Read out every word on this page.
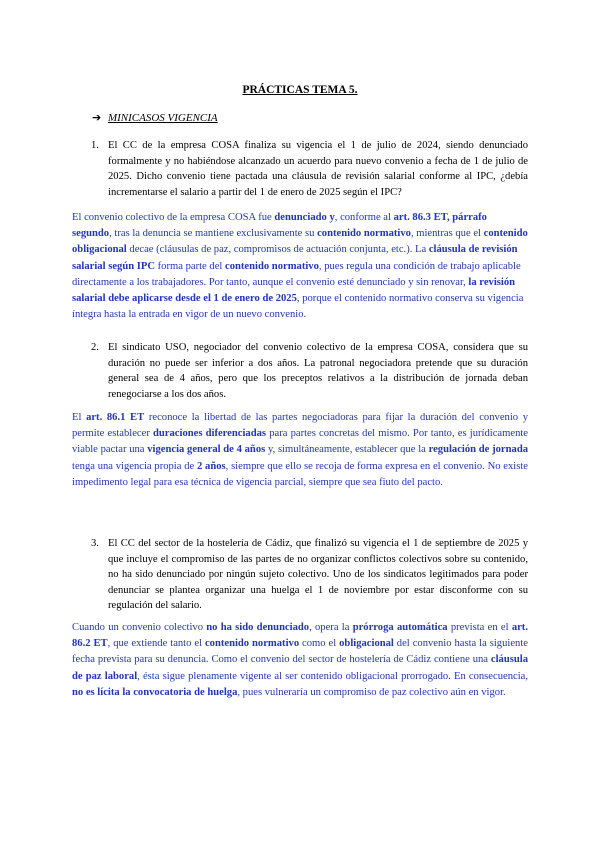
PRÁCTICAS TEMA 5.
➔ MINICASOS VIGENCIA
1. El CC de la empresa COSA finaliza su vigencia el 1 de julio de 2024, siendo denunciado formalmente y no habiéndose alcanzado un acuerdo para nuevo convenio a fecha de 1 de julio de 2025. Dicho convenio tiene pactada una cláusula de revisión salarial conforme al IPC, ¿debía incrementarse el salario a partir del 1 de enero de 2025 según el IPC?

El convenio colectivo de la empresa COSA fue denunciado y, conforme al art. 86.3 ET, párrafo segundo, tras la denuncia se mantiene exclusivamente su contenido normativo, mientras que el contenido obligacional decae (cláusulas de paz, compromisos de actuación conjunta, etc.). La cláusula de revisión salarial según IPC forma parte del contenido normativo, pues regula una condición de trabajo aplicable directamente a los trabajadores. Por tanto, aunque el convenio esté denunciado y sin renovar, la revisión salarial debe aplicarse desde el 1 de enero de 2025, porque el contenido normativo conserva su vigencia íntegra hasta la entrada en vigor de un nuevo convenio.

2. El sindicato USO, negociador del convenio colectivo de la empresa COSA, considera que su duración no puede ser inferior a dos años. La patronal negociadora pretende que su duración general sea de 4 años, pero que los preceptos relativos a la distribución de jornada deban renegociarse a los dos años.

El art. 86.1 ET reconoce la libertad de las partes negociadoras para fijar la duración del convenio y permite establecer duraciones diferenciadas para partes concretas del mismo. Por tanto, es jurídicamente viable pactar una vigencia general de 4 años y, simultáneamente, establecer que la regulación de jornada tenga una vigencia propia de 2 años, siempre que ello se recoja de forma expresa en el convenio. No existe impedimento legal para esa técnica de vigencia parcial, siempre que sea fiuto del pacto.

3. El CC del sector de la hostelería de Cádiz, que finalizó su vigencia el 1 de septiembre de 2025 y que incluye el compromiso de las partes de no organizar conflictos colectivos sobre su contenido, no ha sido denunciado por ningún sujeto colectivo. Uno de los sindicatos legitimados para poder denunciar se plantea organizar una huelga el 1 de noviembre por estar disconforme con su regulación del salario.

Cuando un convenio colectivo no ha sido denunciado, opera la prórroga automática prevista en el art. 86.2 ET, que extiende tanto el contenido normativo como el obligacional del convenio hasta la siguiente fecha prevista para su denuncia. Como el convenio del sector de hostelería de Cádiz contiene una cláusula de paz laboral, ésta sigue plenamente vigente al ser contenido obligacional prorrogado. En consecuencia, no es lícita la convocatoria de huelga, pues vulneraría un compromiso de paz colectivo aún en vigor.
